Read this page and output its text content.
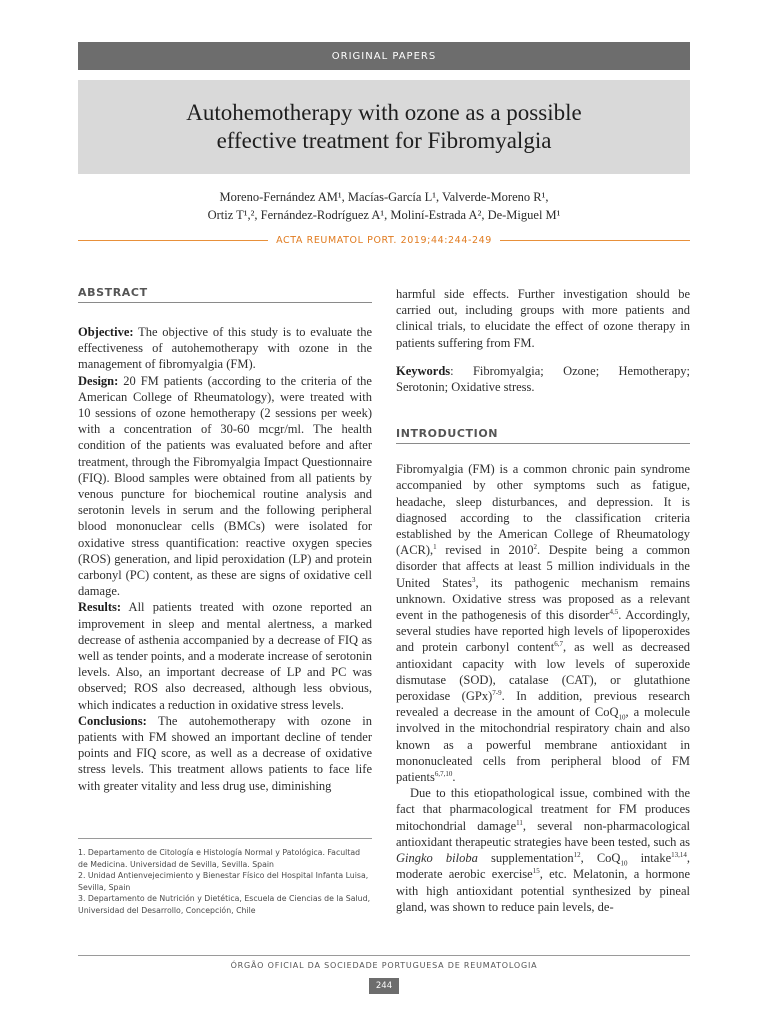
ORIGINAL PAPERS
Autohemotherapy with ozone as a possible effective treatment for Fibromyalgia
Moreno-Fernández AM¹, Macías-García L¹, Valverde-Moreno R¹,
Ortiz T¹,², Fernández-Rodríguez A¹, Moliní-Estrada A², De-Miguel M¹
ACTA REUMATOL PORT. 2019;44:244-249
ABSTRACT

Objective: The objective of this study is to evaluate the effectiveness of autohemotherapy with ozone in the management of fibromyalgia (FM).

Design: 20 FM patients (according to the criteria of the American College of Rheumatology), were treated with 10 sessions of ozone hemotherapy (2 sessions per week) with a concentration of 30-60 mcgr/ml. The health condition of the patients was evaluated before and after treatment, through the Fibromyalgia Impact Questionnaire (FIQ). Blood samples were obtained from all patients by venous puncture for biochemical routine analysis and serotonin levels in serum and the following peripheral blood mononuclear cells (BMCs) were isolated for oxidative stress quantification: reactive oxygen species (ROS) generation, and lipid peroxidation (LP) and protein carbonyl (PC) content, as these are signs of oxidative cell damage.

Results: All patients treated with ozone reported an improvement in sleep and mental alertness, a marked decrease of asthenia accompanied by a decrease of FIQ as well as tender points, and a moderate increase of serotonin levels. Also, an important decrease of LP and PC was observed; ROS also decreased, although less obvious, which indicates a reduction in oxidative stress levels.

Conclusions: The autohemotherapy with ozone in patients with FM showed an important decline of tender points and FIQ score, as well as a decrease of oxidative stress levels. This treatment allows patients to face life with greater vitality and less drug use, diminishing

harmful side effects. Further investigation should be carried out, including groups with more patients and clinical trials, to elucidate the effect of ozone therapy in patients suffering from FM.

Keywords: Fibromyalgia; Ozone; Hemotherapy; Serotonin; Oxidative stress.

INTRODUCTION

Fibromyalgia (FM) is a common chronic pain syndrome accompanied by other symptoms such as fatigue, headache, sleep disturbances, and depression. It is diagnosed according to the classification criteria established by the American College of Rheumatology (ACR),$^1$ revised in 2010$^2$. Despite being a common disorder that affects at least 5 million individuals in the United States$^3$, its pathogenic mechanism remains unknown. Oxidative stress was proposed as a relevant event in the pathogenesis of this disorder$^{4,5}$. Accordingly, several studies have reported high levels of lipoperoxides and protein carbonyl content$^{6,7}$, as well as decreased antioxidant capacity with low levels of superoxide dismutase (SOD), catalase (CAT), or glutathione peroxidase (GPx)$^{7-9}$. In addition, previous research revealed a decrease in the amount of CoQ$_{10}$, a molecule involved in the mitochondrial respiratory chain and also known as a powerful membrane antioxidant in mononucleated cells from peripheral blood of FM patients$^{6,7,10}$.

Due to this etiopathological issue, combined with the fact that pharmacological treatment for FM produces mitochondrial damage$^{11}$, several non-pharmacological antioxidant therapeutic strategies have been tested, such as Gingko biloba supplementation$^{12}$, CoQ$_{10}$ intake$^{13,14}$, moderate aerobic exercise$^{15}$, etc. Melatonin, a hormone with high antioxidant potential synthesized by pineal gland, was shown to reduce pain levels, de-

1. Departamento de Citología e Histología Normal y Patológica. Facultad de Medicina. Universidad de Sevilla, Sevilla. Spain
2. Unidad Antienvejecimiento y Bienestar Físico del Hospital Infanta Luisa, Sevilla, Spain
3. Departamento de Nutrición y Dietética, Escuela de Ciencias de la Salud, Universidad del Desarrollo, Concepción, Chile
ÓRGÃO OFICIAL DA SOCIEDADE PORTUGUESA DE REUMATOLOGIA
244
